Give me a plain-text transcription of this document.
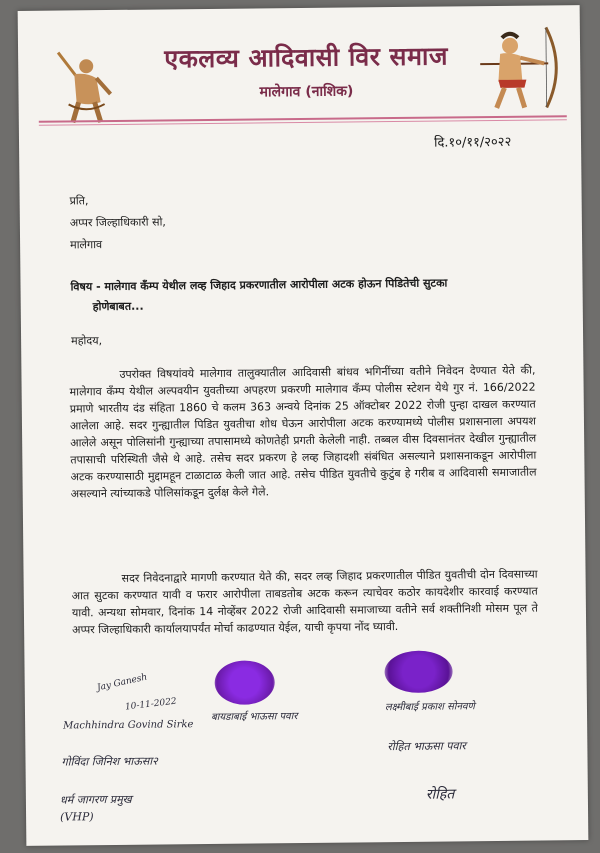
एकलव्य आदिवासी विर समाज
मालेगाव (नाशिक)
दि.१०/११/२०२२
प्रति,
अप्पर जिल्हाधिकारी सो,
मालेगाव
विषय - मालेगाव कँम्प येथील लव्ह जिहाद प्रकरणातील आरोपीला अटक होऊन पिडितेची सुटका
होणेबाबत...
महोदय,
उपरोक्त विषयांवये मालेगाव तालुक्यातील आदिवासी बांधव भगिनींच्या वतीने निवेदन देण्यात येते की, मालेगाव कँम्प येथील अल्पवयीन युवतीच्या अपहरण प्रकरणी मालेगाव कँम्प पोलीस स्टेशन येथे गुर नं. 166/2022 प्रमाणे भारतीय दंड संहिता 1860 चे कलम 363 अन्वये दिनांक 25 ऑक्टोबर 2022 रोजी पुन्हा दाखल करण्यात आलेला आहे. सदर गुन्ह्यातील पिडित युवतीचा शोध घेऊन आरोपीला अटक करण्यामध्ये पोलीस प्रशासनाला अपयश आलेले असून पोलिसांनी गुन्ह्याच्या तपासामध्ये कोणतेही प्रगती केलेली नाही. तब्बल वीस दिवसानंतर देखील गुन्ह्यातील तपासाची परिस्थिती जैसे थे आहे. तसेच सदर प्रकरण हे लव्ह जिहादशी संबंधित असल्याने प्रशासनाकडून आरोपीला अटक करण्यासाठी मुद्दामहून टाळाटाळ केली जात आहे. तसेच पीडित युवतीचे कुटुंब हे गरीब व आदिवासी समाजातील असल्याने त्यांच्याकडे पोलिसांकडून दुर्लक्ष केले गेले.
सदर निवेदनाद्वारे मागणी करण्यात येते की, सदर लव्ह जिहाद प्रकरणातील पीडित युवतीची दोन दिवसाच्या आत सुटका करण्यात यावी व फरार आरोपीला ताबडतोब अटक करून त्याचेवर कठोर कायदेशीर कारवाई करण्यात यावी. अन्यथा सोमवार, दिनांक 14 नोव्हेंबर 2022 रोजी आदिवासी समाजाच्या वतीने सर्व शक्तीनिशी मोसम पूल ते अप्पर जिल्हाधिकारी कार्यालयापर्यंत मोर्चा काढण्यात येईल, याची कृपया नोंद घ्यावी.
Jay Ganesh
10-11-2022
Machhindra Govind Sirke
बायडाबाई भाऊसा पवार
लक्ष्मीबाई प्रकाश सोनवणे
गोविंदा जिनिश भाऊसा२
रोहित भाऊसा पवार
धर्म जागरण प्रमुख
(VHP)
रोहित
